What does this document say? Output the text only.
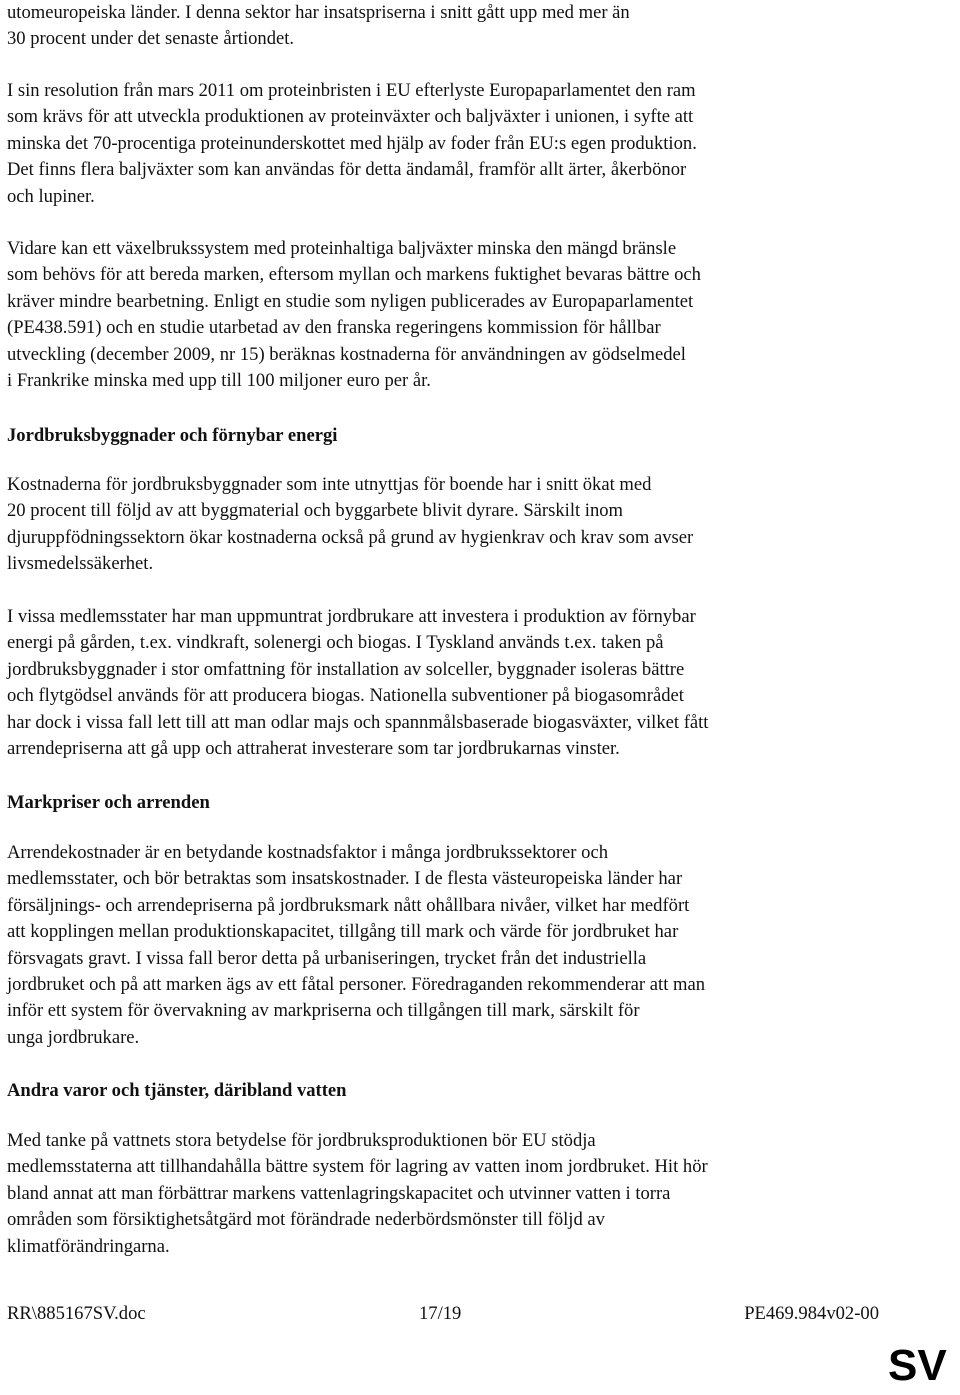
utomeuropeiska länder. I denna sektor har insatspriserna i snitt gått upp med mer än
30 procent under det senaste årtiondet.

I sin resolution från mars 2011 om proteinbristen i EU efterlyste Europaparlamentet den ram
som krävs för att utveckla produktionen av proteinväxter och baljväxter i unionen, i syfte att
minska det 70-procentiga proteinunderskottet med hjälp av foder från EU:s egen produktion.
Det finns flera baljväxter som kan användas för detta ändamål, framför allt ärter, åkerbönor
och lupiner.

Vidare kan ett växelbrukssystem med proteinhaltiga baljväxter minska den mängd bränsle
som behövs för att bereda marken, eftersom myllan och markens fuktighet bevaras bättre och
kräver mindre bearbetning. Enligt en studie som nyligen publicerades av Europaparlamentet
(PE438.591) och en studie utarbetad av den franska regeringens kommission för hållbar
utveckling (december 2009, nr 15) beräknas kostnaderna för användningen av gödselmedel
i Frankrike minska med upp till 100 miljoner euro per år.

Jordbruksbyggnader och förnybar energi

Kostnaderna för jordbruksbyggnader som inte utnyttjas för boende har i snitt ökat med
20 procent till följd av att byggmaterial och byggarbete blivit dyrare. Särskilt inom
djuruppfödningssektorn ökar kostnaderna också på grund av hygienkrav och krav som avser
livsmedelssäkerhet.

I vissa medlemsstater har man uppmuntrat jordbrukare att investera i produktion av förnybar
energi på gården, t.ex. vindkraft, solenergi och biogas. I Tyskland används t.ex. taken på
jordbruksbyggnader i stor omfattning för installation av solceller, byggnader isoleras bättre
och flytgödsel används för att producera biogas. Nationella subventioner på biogasområdet
har dock i vissa fall lett till att man odlar majs och spannmålsbaserade biogasväxter, vilket fått
arrendepriserna att gå upp och attraherat investerare som tar jordbrukarnas vinster.

Markpriser och arrenden

Arrendekostnader är en betydande kostnadsfaktor i många jordbrukssektorer och
medlemsstater, och bör betraktas som insatskostnader. I de flesta västeuropeiska länder har
försäljnings- och arrendepriserna på jordbruksmark nått ohållbara nivåer, vilket har medfört
att kopplingen mellan produktionskapacitet, tillgång till mark och värde för jordbruket har
försvagats gravt. I vissa fall beror detta på urbaniseringen, trycket från det industriella
jordbruket och på att marken ägs av ett fåtal personer. Föredraganden rekommenderar att man
inför ett system för övervakning av markpriserna och tillgången till mark, särskilt för
unga jordbrukare.

Andra varor och tjänster, däribland vatten

Med tanke på vattnets stora betydelse för jordbruksproduktionen bör EU stödja
medlemsstaterna att tillhandahålla bättre system för lagring av vatten inom jordbruket. Hit hör
bland annat att man förbättrar markens vattenlagringskapacitet och utvinner vatten i torra
områden som försiktighetsåtgärd mot förändrade nederbördsmönster till följd av
klimatförändringarna.

RR\885167SV.doc	17/19	PE469.984v02-00
SV
